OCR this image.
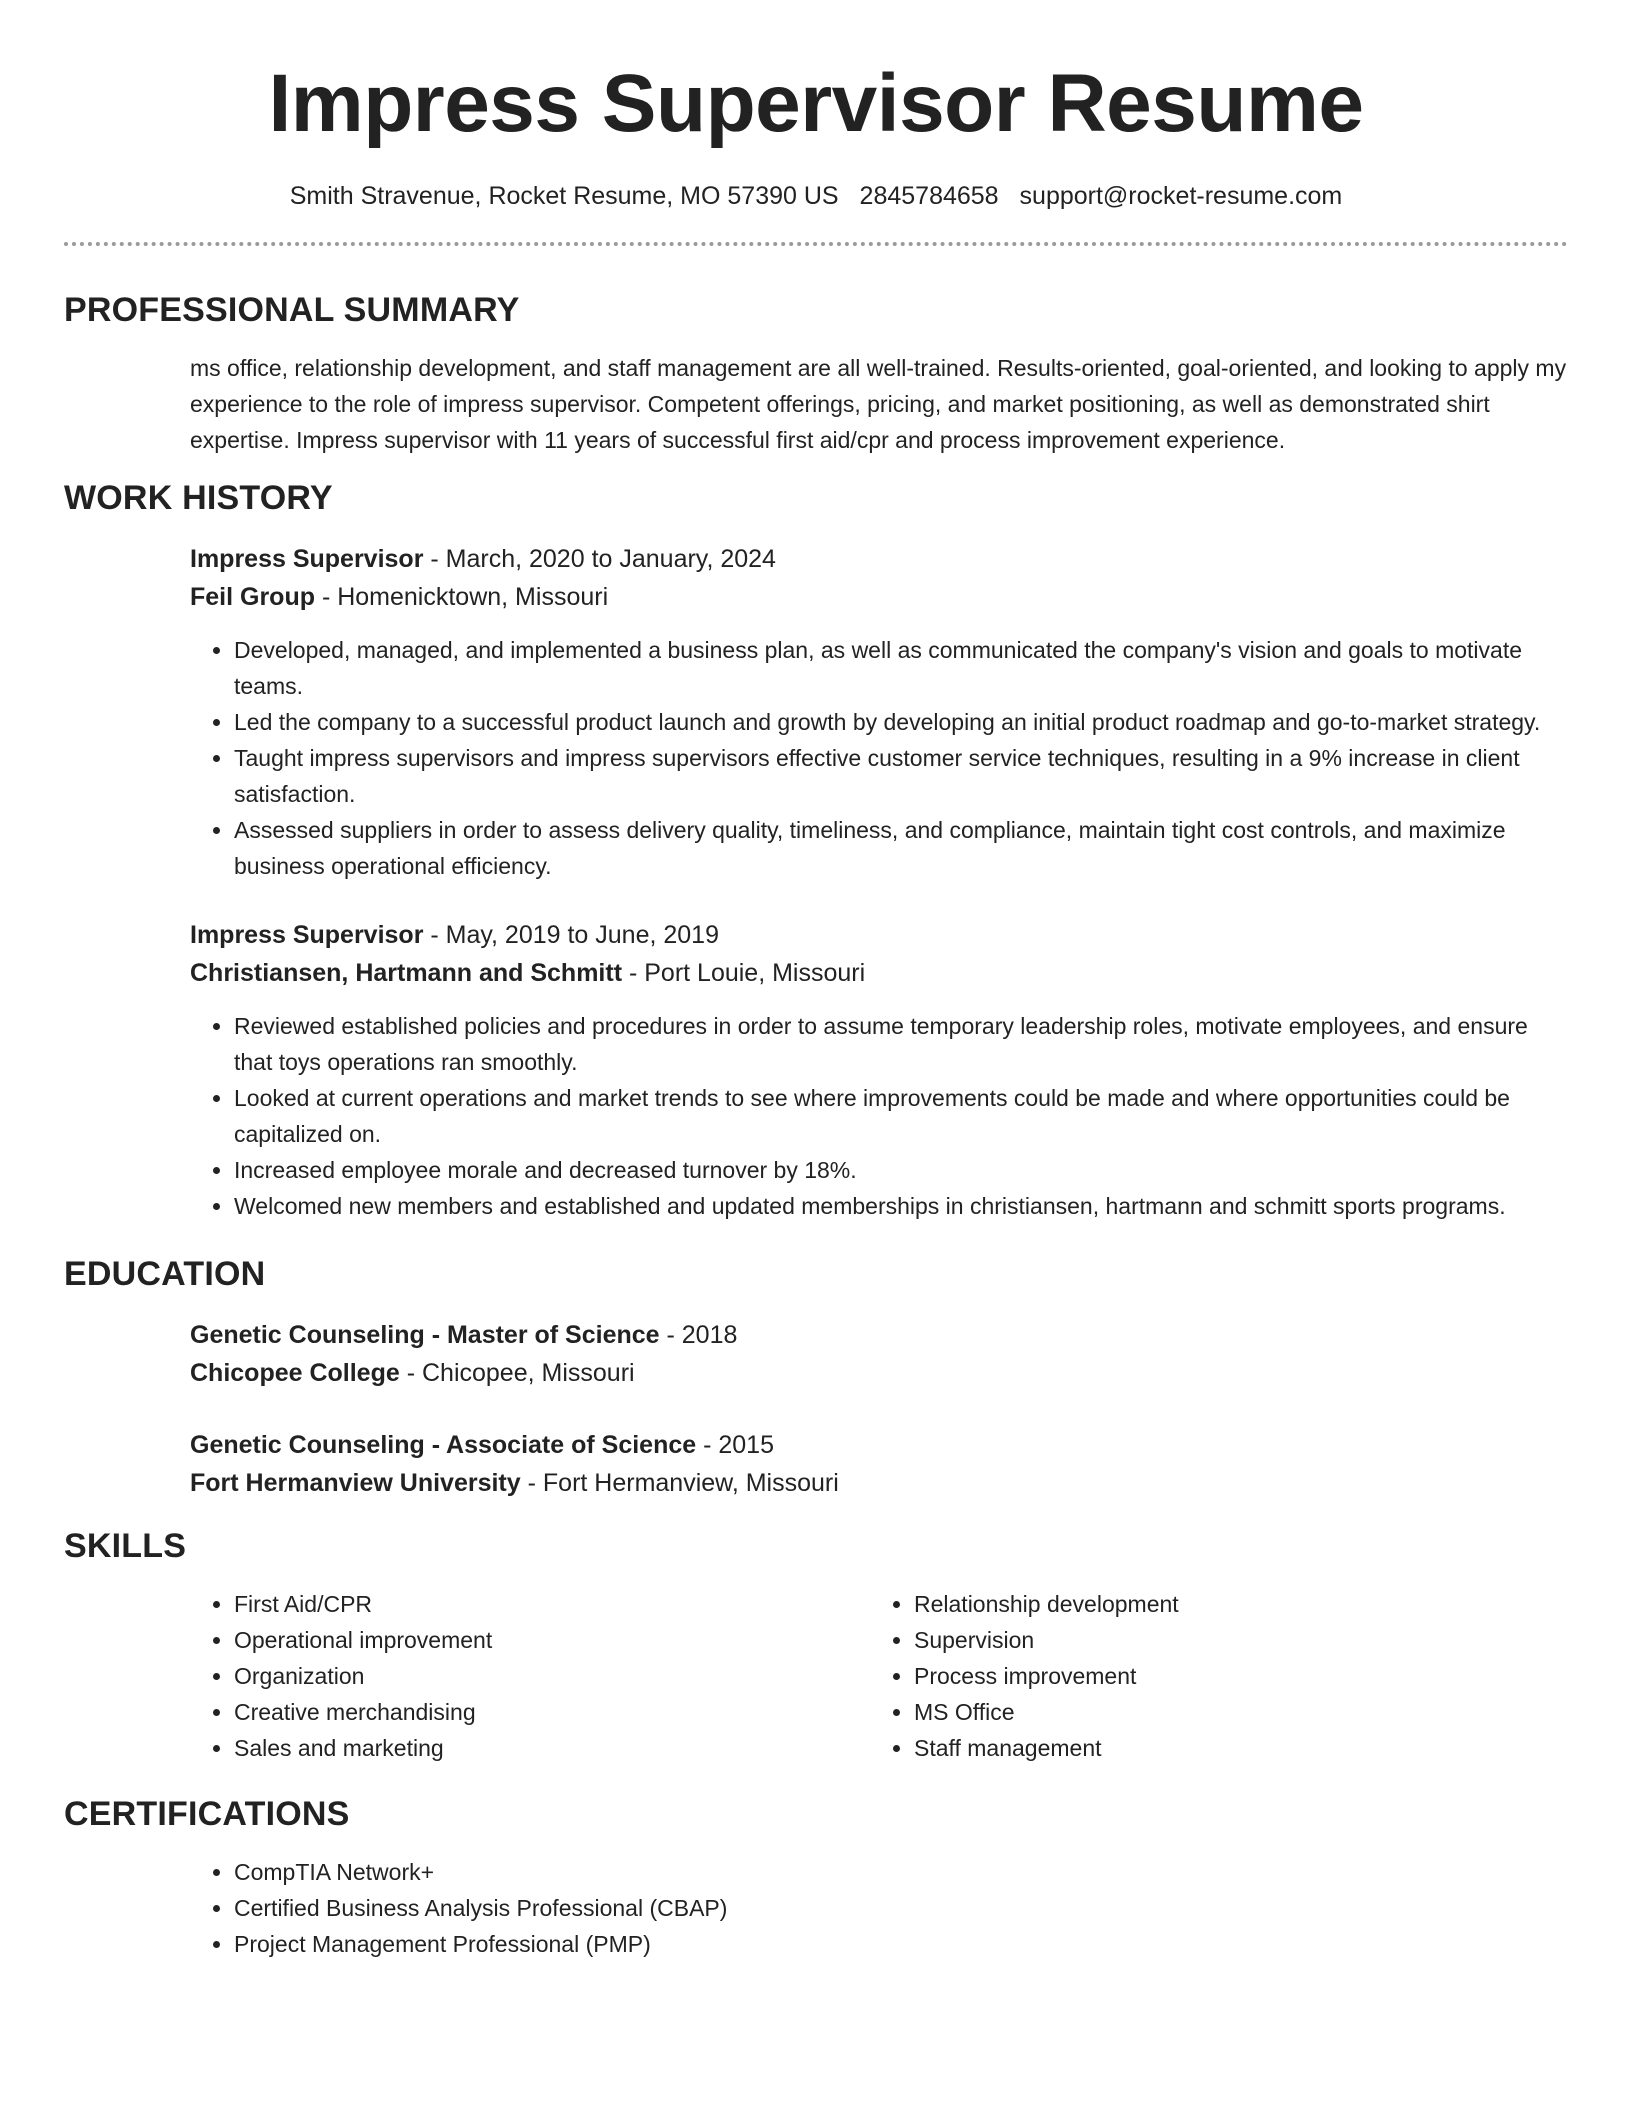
Impress Supervisor Resume
Smith Stravenue, Rocket Resume, MO 57390 US 2845784658 support@rocket-resume.com
PROFESSIONAL SUMMARY
ms office, relationship development, and staff management are all well-trained. Results-oriented, goal-oriented, and looking to apply my experience to the role of impress supervisor. Competent offerings, pricing, and market positioning, as well as demonstrated shirt expertise. Impress supervisor with 11 years of successful first aid/cpr and process improvement experience.
WORK HISTORY
Impress Supervisor - March, 2020 to January, 2024
Feil Group - Homenicktown, Missouri
• Developed, managed, and implemented a business plan, as well as communicated the company's vision and goals to motivate teams.
• Led the company to a successful product launch and growth by developing an initial product roadmap and go-to-market strategy.
• Taught impress supervisors and impress supervisors effective customer service techniques, resulting in a 9% increase in client satisfaction.
• Assessed suppliers in order to assess delivery quality, timeliness, and compliance, maintain tight cost controls, and maximize business operational efficiency.
Impress Supervisor - May, 2019 to June, 2019
Christiansen, Hartmann and Schmitt - Port Louie, Missouri
• Reviewed established policies and procedures in order to assume temporary leadership roles, motivate employees, and ensure that toys operations ran smoothly.
• Looked at current operations and market trends to see where improvements could be made and where opportunities could be capitalized on.
• Increased employee morale and decreased turnover by 18%.
• Welcomed new members and established and updated memberships in christiansen, hartmann and schmitt sports programs.
EDUCATION
Genetic Counseling - Master of Science - 2018
Chicopee College - Chicopee, Missouri
Genetic Counseling - Associate of Science - 2015
Fort Hermanview University - Fort Hermanview, Missouri
SKILLS
• First Aid/CPR
• Operational improvement
• Organization
• Creative merchandising
• Sales and marketing
• Relationship development
• Supervision
• Process improvement
• MS Office
• Staff management
CERTIFICATIONS
• CompTIA Network+
• Certified Business Analysis Professional (CBAP)
• Project Management Professional (PMP)
